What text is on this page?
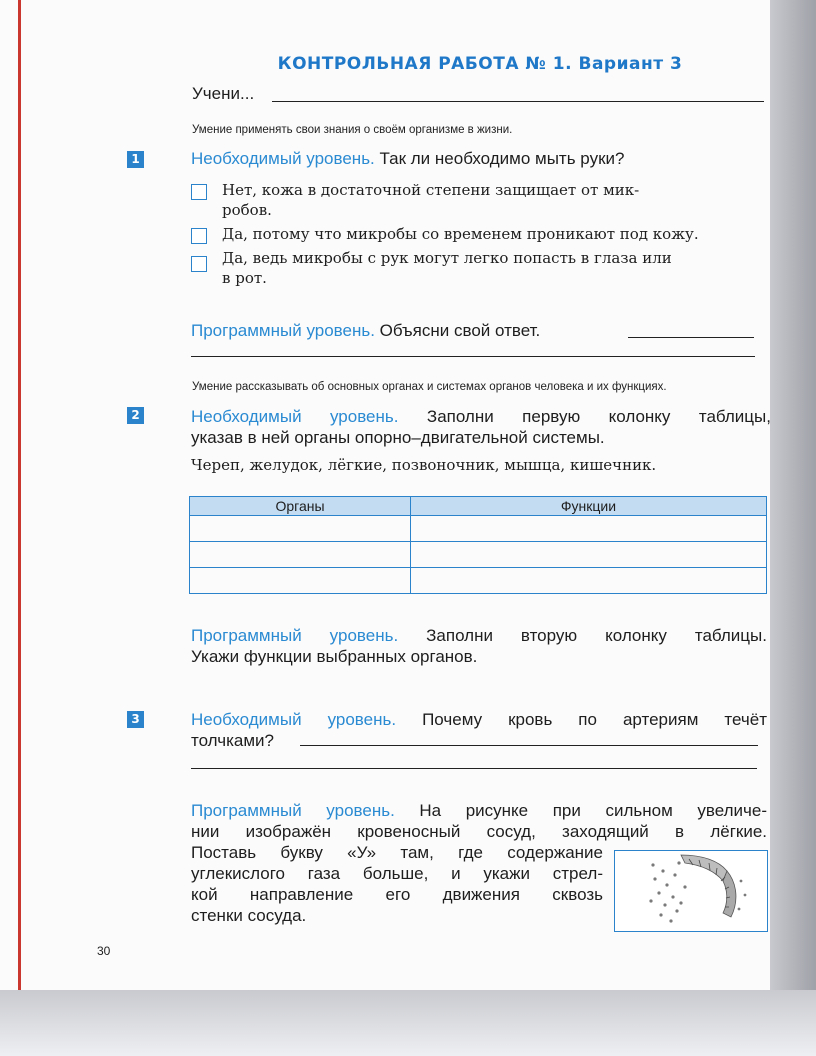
КОНТРОЛЬНАЯ РАБОТА № 1. Вариант 3
Учени...
Умение применять свои знания о своём организме в жизни.
1	Необходимый уровень. Так ли необходимо мыть руки?
Нет, кожа в достаточной степени защищает от мик-
робов.
Да, потому что микробы со временем проникают под кожу.
Да, ведь микробы с рук могут легко попасть в глаза или
в рот.
Программный уровень. Объясни свой ответ.
Умение рассказывать об основных органах и системах органов человека и их функциях.
2	Необходимый уровень. Заполни первую колонку таблицы,
указав в ней органы опорно–двигательной системы.
Череп, желудок, лёгкие, позвоночник, мышца, кишечник.
Органы	Функции

Программный уровень. Заполни вторую колонку таблицы.
Укажи функции выбранных органов.
3	Необходимый уровень. Почему кровь по артериям течёт
толчками?
Программный уровень. На рисунке при сильном увеличе-
нии изображён кровеносный сосуд, заходящий в лёгкие.
Поставь букву «У» там, где содержание
углекислого газа больше, и укажи стрел-
кой направление его движения сквозь
стенки сосуда.
30
